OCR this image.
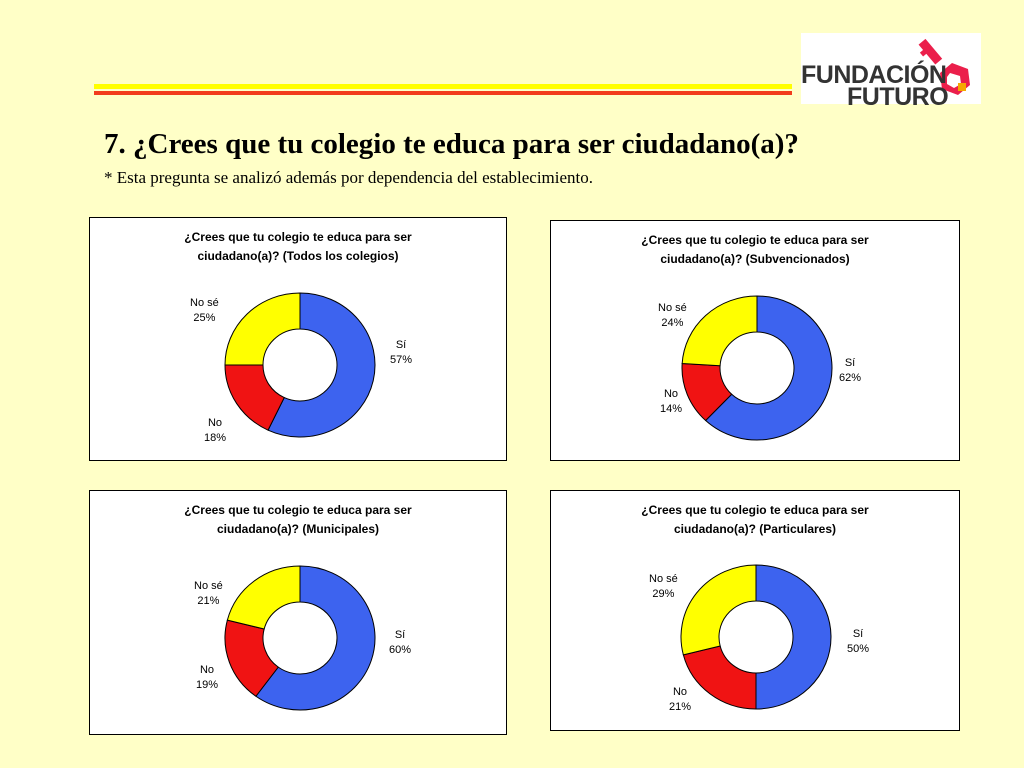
FUNDACIÓN
FUTURO
7. ¿Crees que tu colegio te educa para ser ciudadano(a)?
* Esta pregunta se analizó además por dependencia del establecimiento.
¿Crees que tu colegio te educa para ser
ciudadano(a)? (Todos los colegios)
Sí
57%
No
18%
No sé
25%
¿Crees que tu colegio te educa para ser
ciudadano(a)? (Subvencionados)
Sí
62%
No
14%
No sé
24%
¿Crees que tu colegio te educa para ser
ciudadano(a)? (Municipales)
Sí
60%
No
19%
No sé
21%
¿Crees que tu colegio te educa para ser
ciudadano(a)? (Particulares)
Sí
50%
No
21%
No sé
29%
